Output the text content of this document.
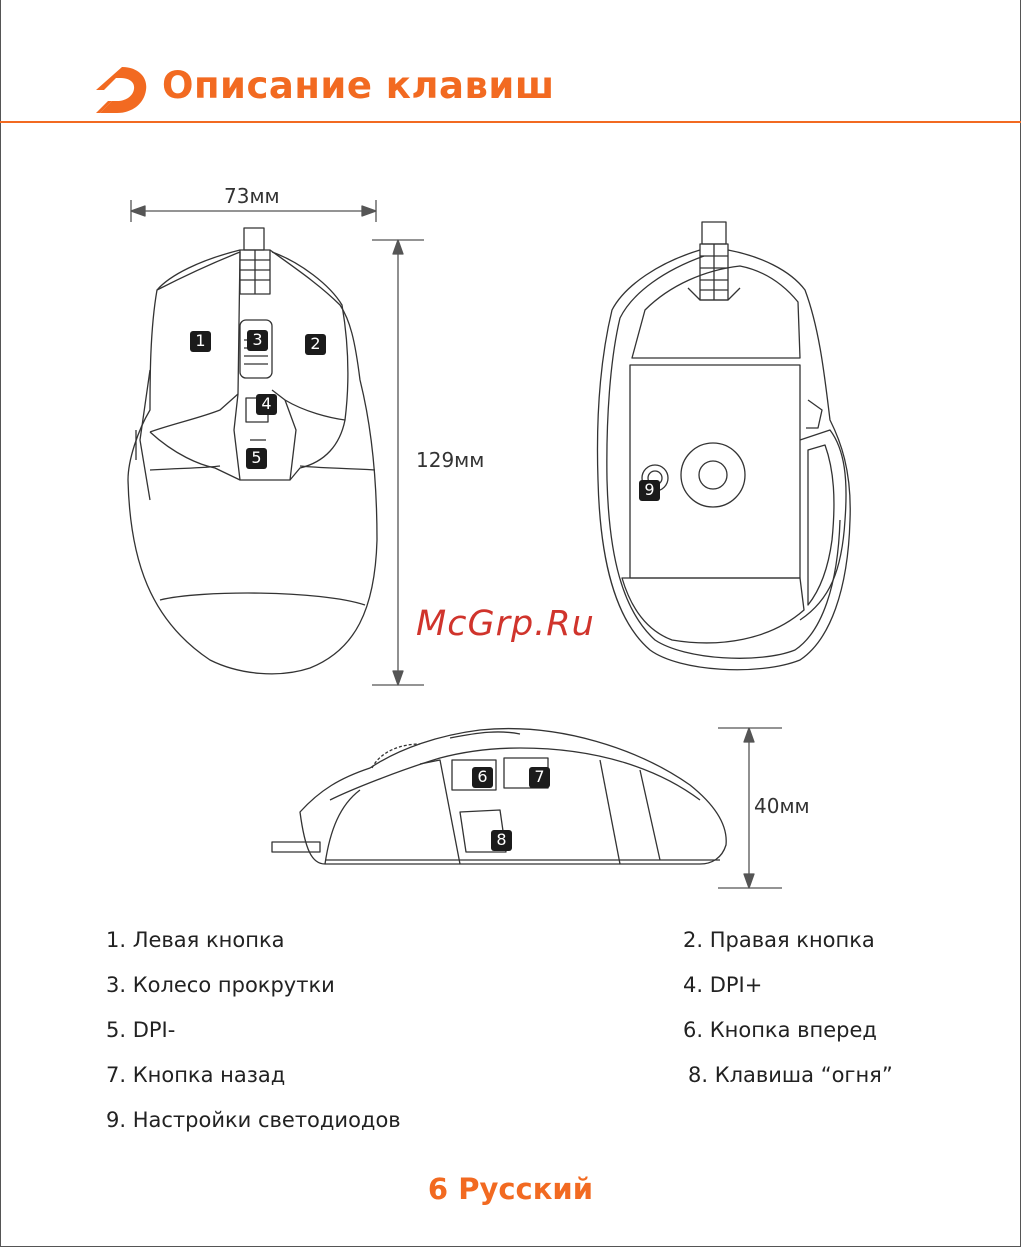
Описание клавиш
73мм
129мм
40мм
1	2
3
4
5
6	7
8
9
McGrp.Ru
1. Левая кнопка
3. Колесо прокрутки
5. DPI-
7. Кнопка назад
9. Настройки светодиодов
2. Правая кнопка
4. DPI+
6. Кнопка вперед
8. Клавиша “огня”
6 Русский
